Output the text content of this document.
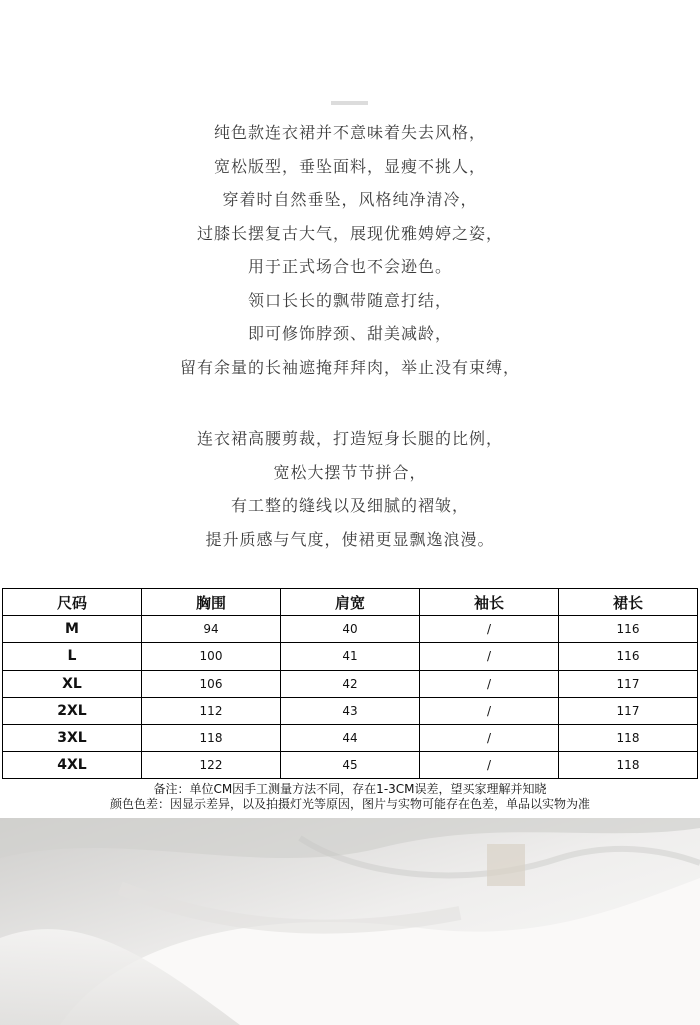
纯色款连衣裙并不意味着失去风格，
宽松版型，垂坠面料，显瘦不挑人，
穿着时自然垂坠，风格纯净清冷，
过膝长摆复古大气，展现优雅娉婷之姿，
用于正式场合也不会逊色。
领口长长的飘带随意打结，
即可修饰脖颈、甜美减龄，
留有余量的长袖遮掩拜拜肉，举止没有束缚，
连衣裙高腰剪裁，打造短身长腿的比例，
宽松大摆节节拼合，
有工整的缝线以及细腻的褶皱，
提升质感与气度，使裙更显飘逸浪漫。
尺码	胸围	肩宽	袖长	裙长
M	94	40	/	116
L	100	41	/	116
XL	106	42	/	117
2XL	112	43	/	117
3XL	118	44	/	118
4XL	122	45	/	118
备注：单位CM因手工测量方法不同，存在1-3CM误差，望买家理解并知晓
颜色色差：因显示差异，以及拍摄灯光等原因，图片与实物可能存在色差，单品以实物为准
